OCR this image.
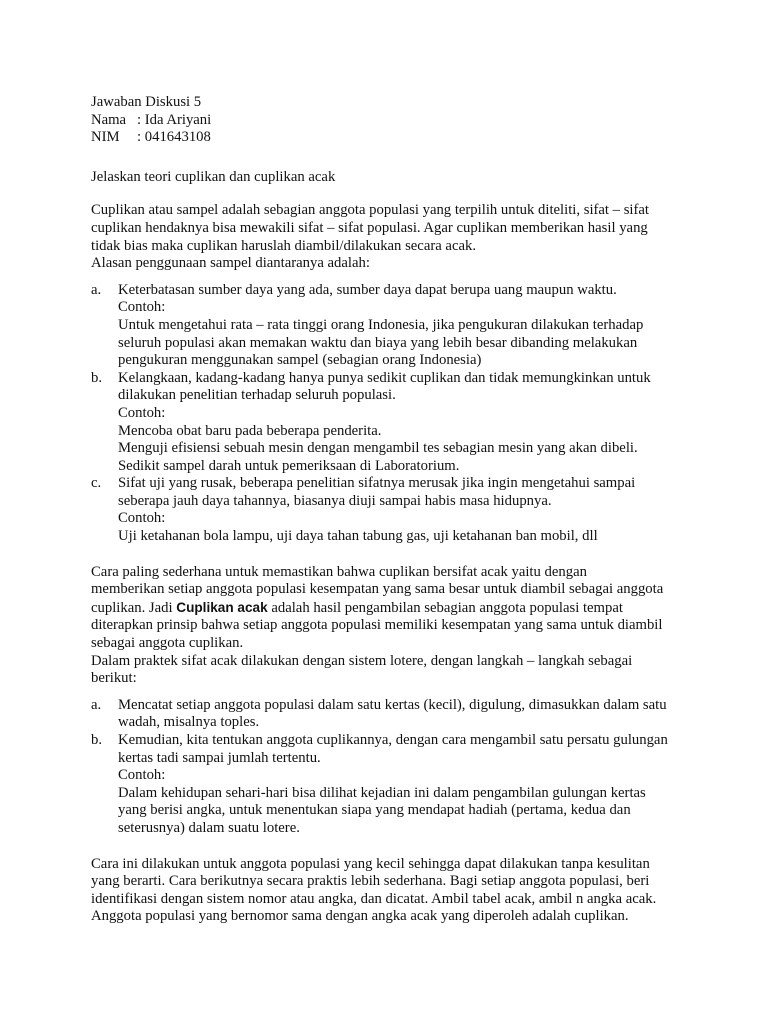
Jawaban Diskusi 5
Nama : Ida Ariyani
NIM	: 041643108
Jelaskan teori cuplikan dan cuplikan acak
Cuplikan atau sampel adalah sebagian anggota populasi yang terpilih untuk diteliti, sifat – sifat
cuplikan hendaknya bisa mewakili sifat – sifat populasi. Agar cuplikan memberikan hasil yang
tidak bias maka cuplikan haruslah diambil/dilakukan secara acak.
Alasan penggunaan sampel diantaranya adalah:
a. Keterbatasan sumber daya yang ada, sumber daya dapat berupa uang maupun waktu.
Contoh:
Untuk mengetahui rata – rata tinggi orang Indonesia, jika pengukuran dilakukan terhadap
seluruh populasi akan memakan waktu dan biaya yang lebih besar dibanding melakukan
pengukuran menggunakan sampel (sebagian orang Indonesia)
b. Kelangkaan, kadang-kadang hanya punya sedikit cuplikan dan tidak memungkinkan untuk
dilakukan penelitian terhadap seluruh populasi.
Contoh:
Mencoba obat baru pada beberapa penderita.
Menguji efisiensi sebuah mesin dengan mengambil tes sebagian mesin yang akan dibeli.
Sedikit sampel darah untuk pemeriksaan di Laboratorium.
c. Sifat uji yang rusak, beberapa penelitian sifatnya merusak jika ingin mengetahui sampai
seberapa jauh daya tahannya, biasanya diuji sampai habis masa hidupnya.
Contoh:
Uji ketahanan bola lampu, uji daya tahan tabung gas, uji ketahanan ban mobil, dll
Cara paling sederhana untuk memastikan bahwa cuplikan bersifat acak yaitu dengan
memberikan setiap anggota populasi kesempatan yang sama besar untuk diambil sebagai anggota
cuplikan. Jadi Cuplikan acak adalah hasil pengambilan sebagian anggota populasi tempat
diterapkan prinsip bahwa setiap anggota populasi memiliki kesempatan yang sama untuk diambil
sebagai anggota cuplikan.
Dalam praktek sifat acak dilakukan dengan sistem lotere, dengan langkah – langkah sebagai
berikut:
a. Mencatat setiap anggota populasi dalam satu kertas (kecil), digulung, dimasukkan dalam satu
wadah, misalnya toples.
b. Kemudian, kita tentukan anggota cuplikannya, dengan cara mengambil satu persatu gulungan
kertas tadi sampai jumlah tertentu.
Contoh:
Dalam kehidupan sehari-hari bisa dilihat kejadian ini dalam pengambilan gulungan kertas
yang berisi angka, untuk menentukan siapa yang mendapat hadiah (pertama, kedua dan
seterusnya) dalam suatu lotere.
Cara ini dilakukan untuk anggota populasi yang kecil sehingga dapat dilakukan tanpa kesulitan
yang berarti. Cara berikutnya secara praktis lebih sederhana. Bagi setiap anggota populasi, beri
identifikasi dengan sistem nomor atau angka, dan dicatat. Ambil tabel acak, ambil n angka acak.
Anggota populasi yang bernomor sama dengan angka acak yang diperoleh adalah cuplikan.
